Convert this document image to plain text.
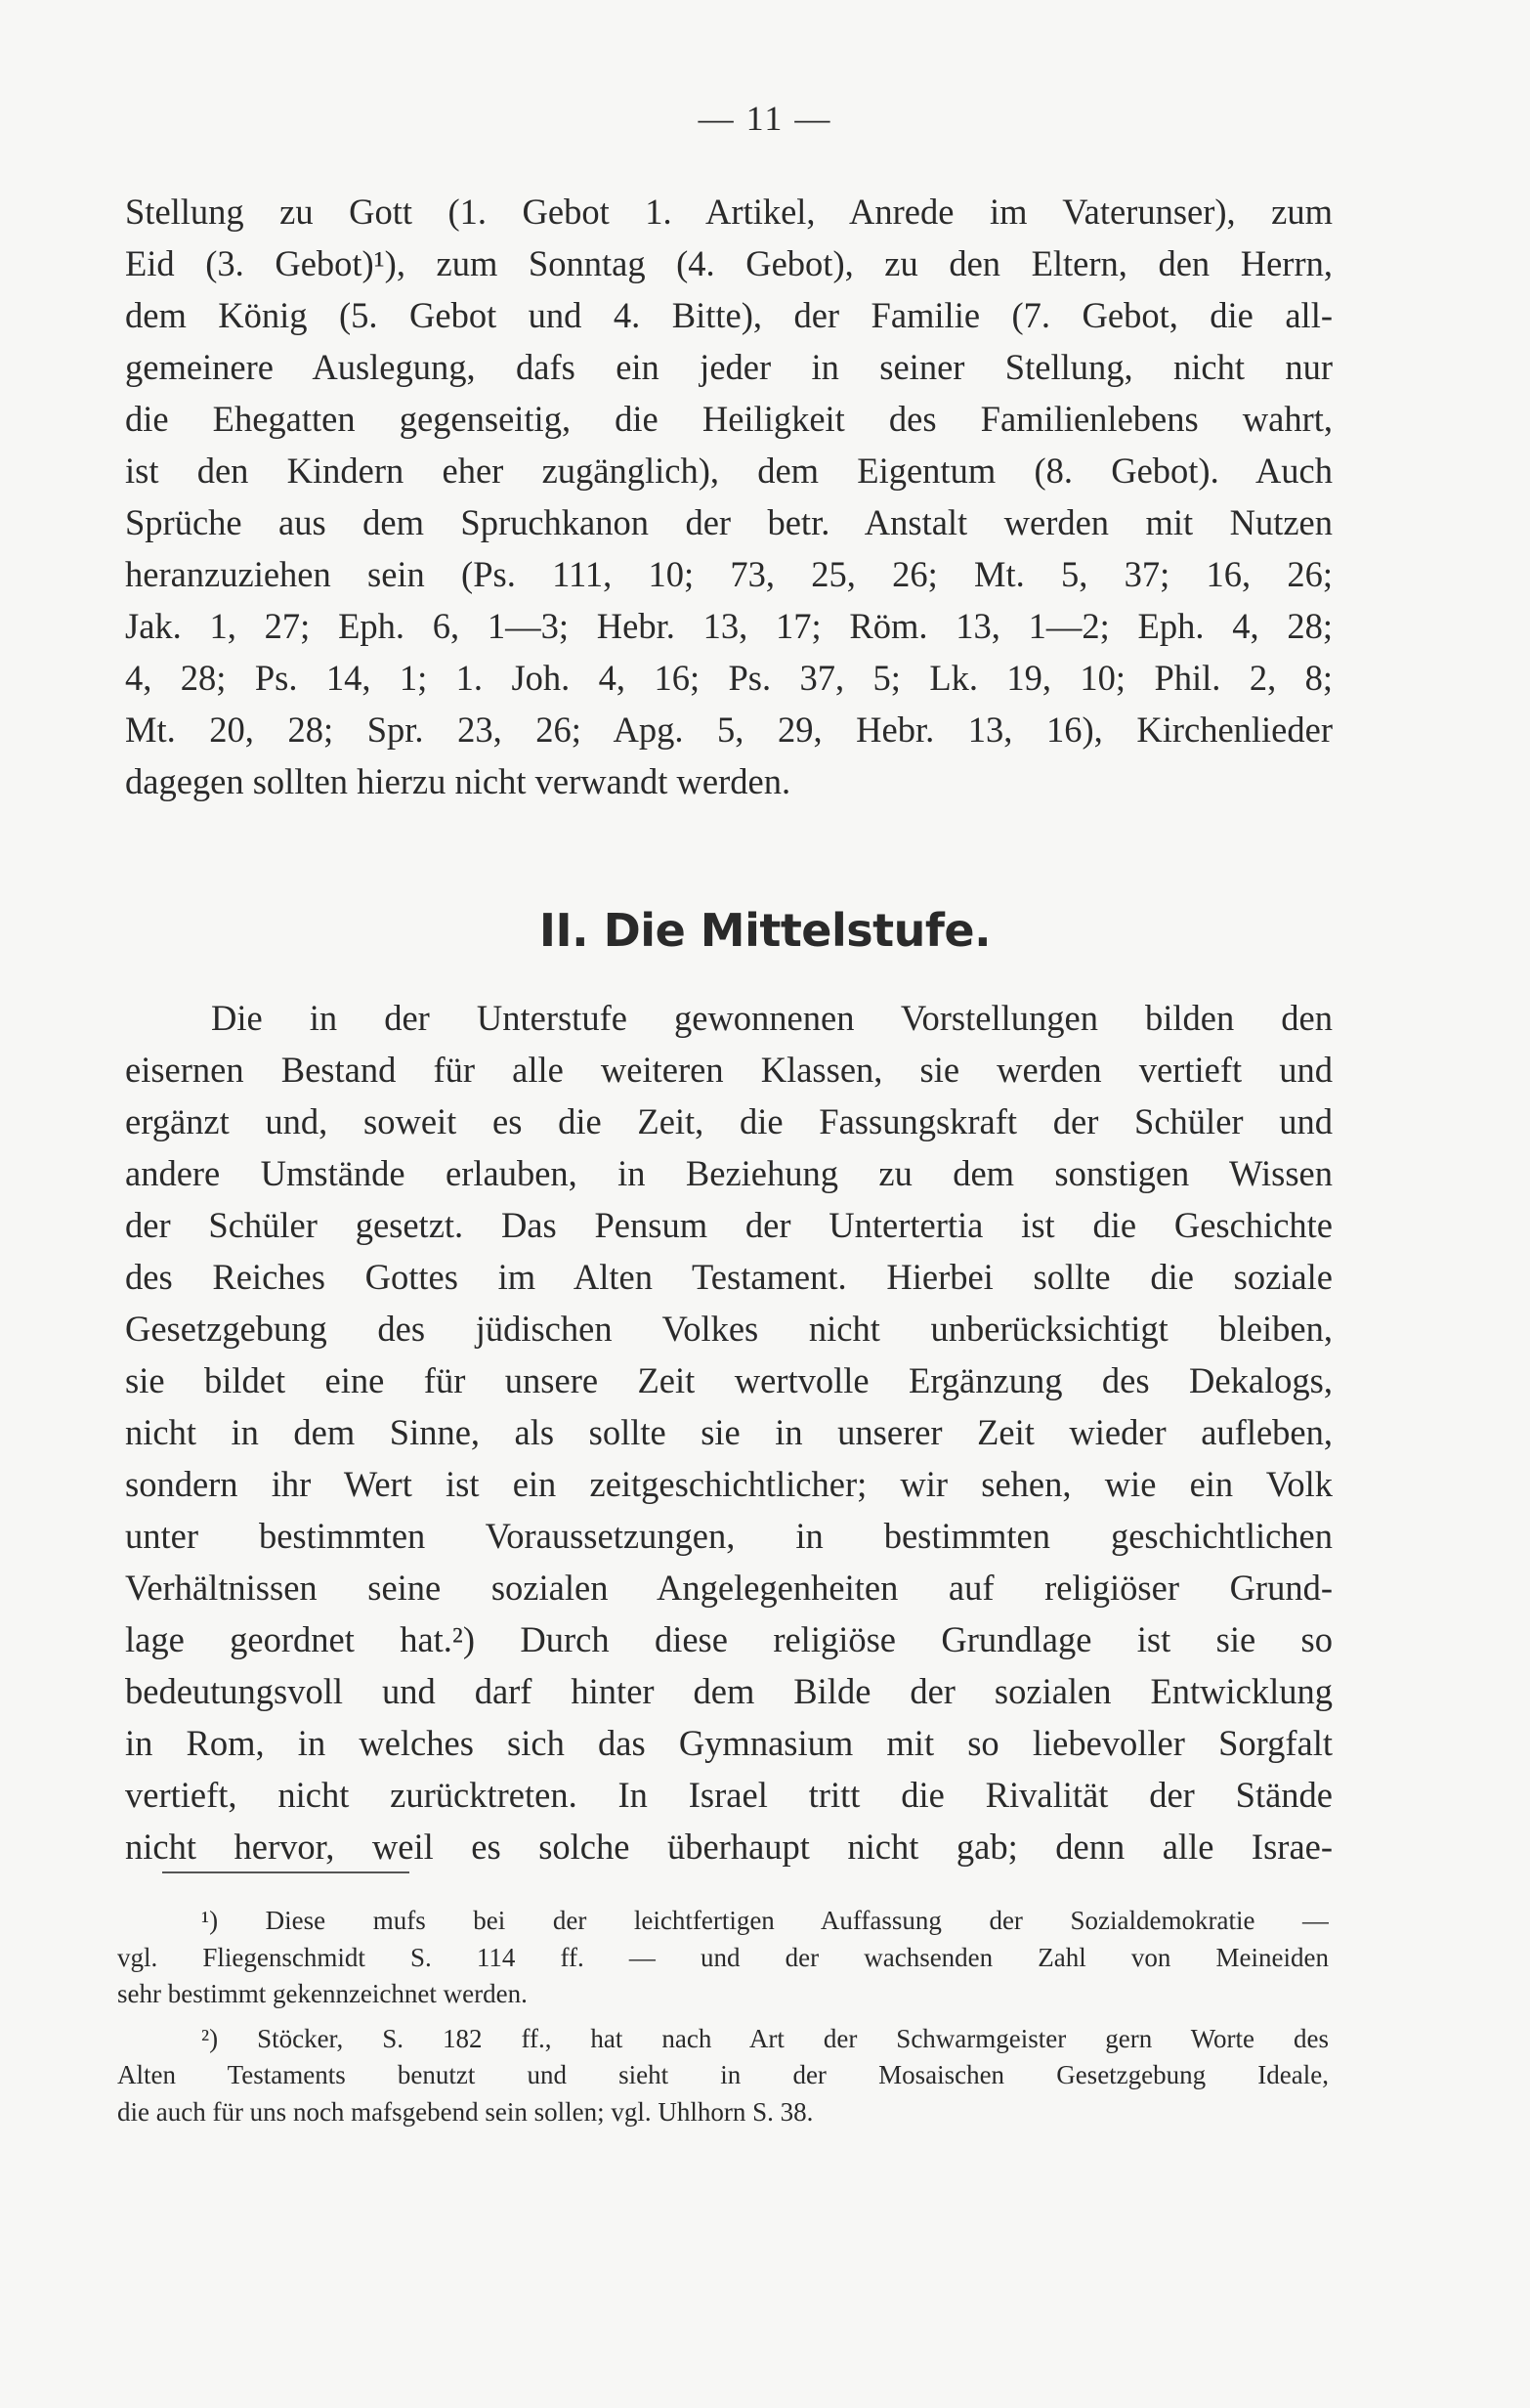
— 11 —
Stellung zu Gott (1. Gebot 1. Artikel, Anrede im Vaterunser), zum
Eid (3. Gebot)¹), zum Sonntag (4. Gebot), zu den Eltern, den Herrn,
dem König (5. Gebot und 4. Bitte), der Familie (7. Gebot, die all-
gemeinere Auslegung, dafs ein jeder in seiner Stellung, nicht nur
die Ehegatten gegenseitig, die Heiligkeit des Familienlebens wahrt,
ist den Kindern eher zugänglich), dem Eigentum (8. Gebot). Auch
Sprüche aus dem Spruchkanon der betr. Anstalt werden mit Nutzen
heranzuziehen sein (Ps. 111, 10; 73, 25, 26; Mt. 5, 37; 16, 26;
Jak. 1, 27; Eph. 6, 1—3; Hebr. 13, 17; Röm. 13, 1—2; Eph. 4, 28;
4, 28; Ps. 14, 1; 1. Joh. 4, 16; Ps. 37, 5; Lk. 19, 10; Phil. 2, 8;
Mt. 20, 28; Spr. 23, 26; Apg. 5, 29, Hebr. 13, 16), Kirchenlieder
dagegen sollten hierzu nicht verwandt werden.
II. Die Mittelstufe.
Die in der Unterstufe gewonnenen Vorstellungen bilden den
eisernen Bestand für alle weiteren Klassen, sie werden vertieft und
ergänzt und, soweit es die Zeit, die Fassungskraft der Schüler und
andere Umstände erlauben, in Beziehung zu dem sonstigen Wissen
der Schüler gesetzt. Das Pensum der Untertertia ist die Geschichte
des Reiches Gottes im Alten Testament. Hierbei sollte die soziale
Gesetzgebung des jüdischen Volkes nicht unberücksichtigt bleiben,
sie bildet eine für unsere Zeit wertvolle Ergänzung des Dekalogs,
nicht in dem Sinne, als sollte sie in unserer Zeit wieder aufleben,
sondern ihr Wert ist ein zeitgeschichtlicher; wir sehen, wie ein Volk
unter bestimmten Voraussetzungen, in bestimmten geschichtlichen
Verhältnissen seine sozialen Angelegenheiten auf religiöser Grund-
lage geordnet hat.²) Durch diese religiöse Grundlage ist sie so
bedeutungsvoll und darf hinter dem Bilde der sozialen Entwicklung
in Rom, in welches sich das Gymnasium mit so liebevoller Sorgfalt
vertieft, nicht zurücktreten. In Israel tritt die Rivalität der Stände
nicht hervor, weil es solche überhaupt nicht gab; denn alle Israe-
¹) Diese mufs bei der leichtfertigen Auffassung der Sozialdemokratie —
vgl. Fliegenschmidt S. 114 ff. — und der wachsenden Zahl von Meineiden
sehr bestimmt gekennzeichnet werden.
²) Stöcker, S. 182 ff., hat nach Art der Schwarmgeister gern Worte des
Alten Testaments benutzt und sieht in der Mosaischen Gesetzgebung Ideale,
die auch für uns noch mafsgebend sein sollen; vgl. Uhlhorn S. 38.
